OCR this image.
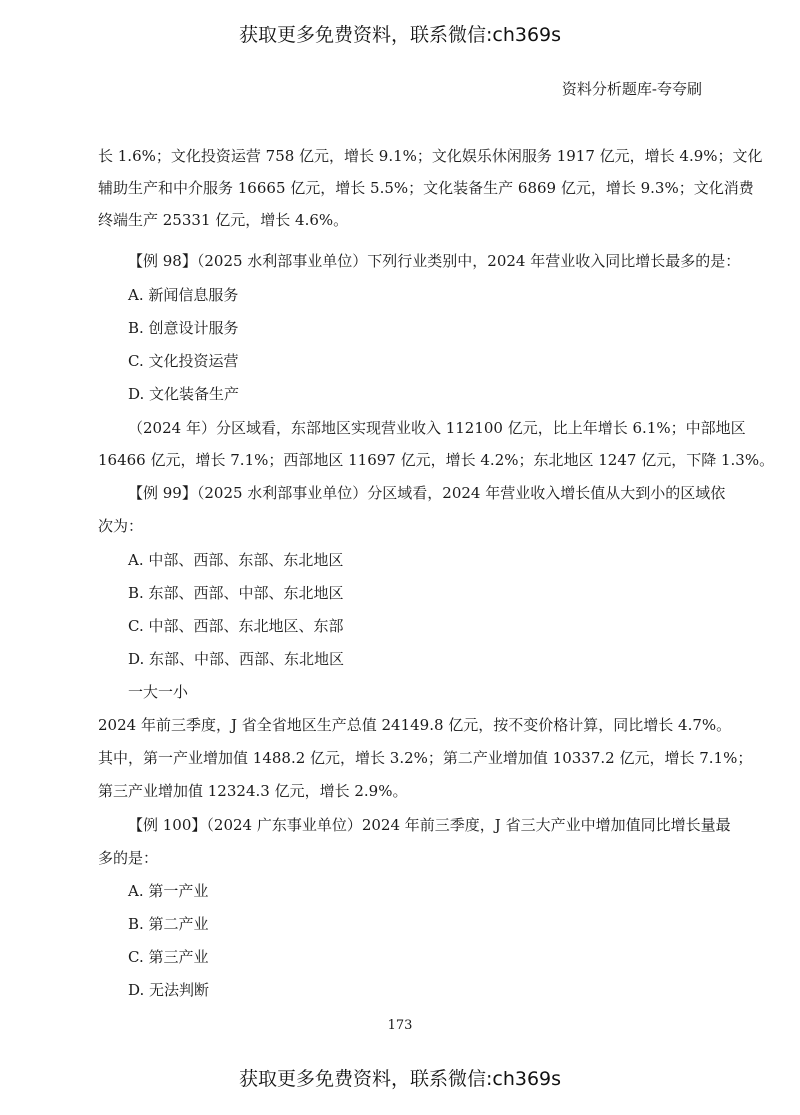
获取更多免费资料，联系微信:ch369s
资料分析题库-夸夸刷
长 1.6%；文化投资运营 758 亿元，增长 9.1%；文化娱乐休闲服务 1917 亿元，增长 4.9%；文化
辅助生产和中介服务 16665 亿元，增长 5.5%；文化装备生产 6869 亿元，增长 9.3%；文化消费
终端生产 25331 亿元，增长 4.6%。
【例 98】（2025 水利部事业单位）下列行业类别中，2024 年营业收入同比增长最多的是：
A. 新闻信息服务
B. 创意设计服务
C. 文化投资运营
D. 文化装备生产
（2024 年）分区域看，东部地区实现营业收入 112100 亿元，比上年增长 6.1%；中部地区
16466 亿元，增长 7.1%；西部地区 11697 亿元，增长 4.2%；东北地区 1247 亿元，下降 1.3%。
【例 99】（2025 水利部事业单位）分区域看，2024 年营业收入增长值从大到小的区域依
次为：
A. 中部、西部、东部、东北地区
B. 东部、西部、中部、东北地区
C. 中部、西部、东北地区、东部
D. 东部、中部、西部、东北地区
一大一小
2024 年前三季度，J 省全省地区生产总值 24149.8 亿元，按不变价格计算，同比增长 4.7%。
其中，第一产业增加值 1488.2 亿元，增长 3.2%；第二产业增加值 10337.2 亿元，增长 7.1%；
第三产业增加值 12324.3 亿元，增长 2.9%。
【例 100】（2024 广东事业单位）2024 年前三季度，J 省三大产业中增加值同比增长量最
多的是：
A. 第一产业
B. 第二产业
C. 第三产业
D. 无法判断
173
获取更多免费资料，联系微信:ch369s
